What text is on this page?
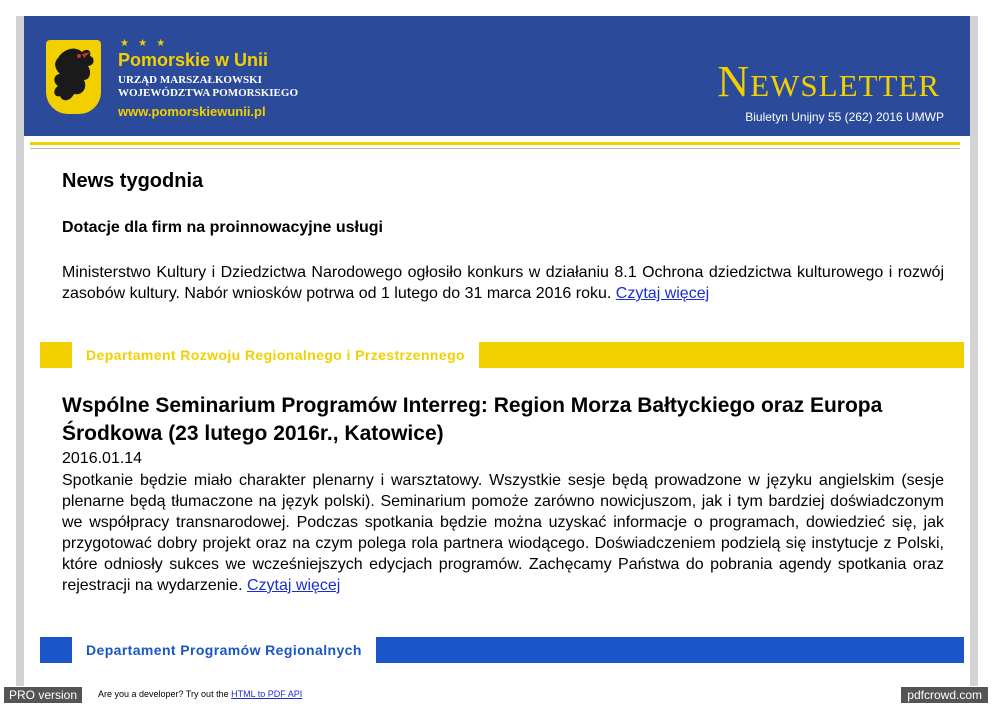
★ ★ ★
Pomorskie w Unii
URZĄD MARSZAŁKOWSKI
WOJEWÓDZTWA POMORSKIEGO
www.pomorskiewunii.pl
Newsletter
Biuletyn Unijny 55 (262) 2016 UMWP
News tygodnia
Dotacje dla firm na proinnowacyjne usługi
Ministerstwo Kultury i Dziedzictwa Narodowego ogłosiło konkurs w działaniu 8.1 Ochrona dziedzictwa kulturowego i rozwój zasobów kultury. Nabór wniosków potrwa od 1 lutego do 31 marca 2016 roku. Czytaj więcej
Departament Rozwoju Regionalnego i Przestrzennego
Wspólne Seminarium Programów Interreg: Region Morza Bałtyckiego oraz Europa Środkowa (23 lutego 2016r., Katowice)
2016.01.14
Spotkanie będzie miało charakter plenarny i warsztatowy. Wszystkie sesje będą prowadzone w języku angielskim (sesje plenarne będą tłumaczone na język polski). Seminarium pomoże zarówno nowicjuszom, jak i tym bardziej doświadczonym we współpracy transnarodowej. Podczas spotkania będzie można uzyskać informacje o programach, dowiedzieć się, jak przygotować dobry projekt oraz na czym polega rola partnera wiodącego. Doświadczeniem podzielą się instytucje z Polski, które odniosły sukces we wcześniejszych edycjach programów. Zachęcamy Państwa do pobrania agendy spotkania oraz rejestracji na wydarzenie. Czytaj więcej
Departament Programów Regionalnych
PRO version	Are you a developer? Try out the HTML to PDF API	pdfcrowd.com
